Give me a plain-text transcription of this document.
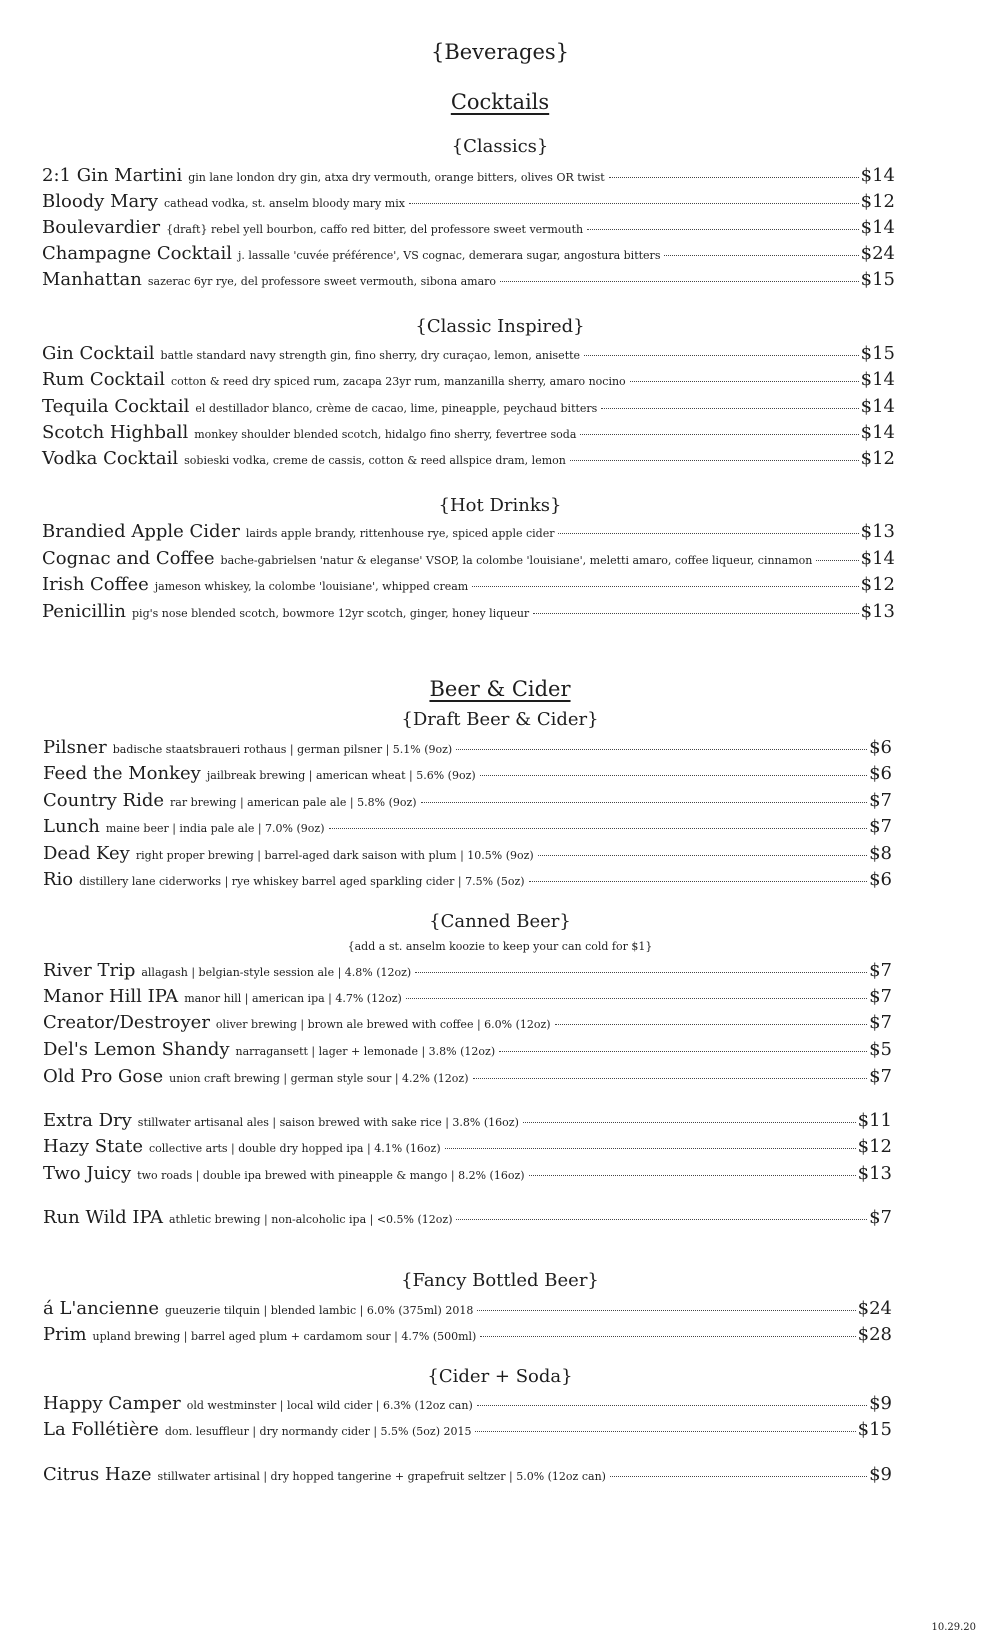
{Beverages}
Cocktails
{Classics}
{Classic Inspired}
{Hot Drinks}
Beer & Cider
{Draft Beer & Cider}
{Canned Beer}
{add a st. anselm koozie to keep your can cold for $1}
{Fancy Bottled Beer}
{Cider + Soda}
10.29.20
2:1 Gin Martini gin lane london dry gin, atxa dry vermouth, orange bitters, olives OR twist	$14
Bloody Mary cathead vodka, st. anselm bloody mary mix	$12
Boulevardier {draft} rebel yell bourbon, caffo red bitter, del professore sweet vermouth	$14
Champagne Cocktail j. lassalle 'cuvée préférence', VS cognac, demerara sugar, angostura bitters	$24
Manhattan sazerac 6yr rye, del professore sweet vermouth, sibona amaro	$15
Gin Cocktail battle standard navy strength gin, fino sherry, dry curaçao, lemon, anisette	$15
Rum Cocktail cotton & reed dry spiced rum, zacapa 23yr rum, manzanilla sherry, amaro nocino	$14
Tequila Cocktail el destillador blanco, crème de cacao, lime, pineapple, peychaud bitters	$14
Scotch Highball monkey shoulder blended scotch, hidalgo fino sherry, fevertree soda	$14
Vodka Cocktail sobieski vodka, creme de cassis, cotton & reed allspice dram, lemon	$12
Brandied Apple Cider lairds apple brandy, rittenhouse rye, spiced apple cider	$13
Cognac and Coffee bache-gabrielsen 'natur & eleganse' VSOP, la colombe 'louisiane', meletti amaro, coffee liqueur, cinnamon	$14
Irish Coffee jameson whiskey, la colombe 'louisiane', whipped cream	$12
Penicillin pig's nose blended scotch, bowmore 12yr scotch, ginger, honey liqueur	$13
Pilsner badische staatsbraueri rothaus | german pilsner | 5.1% (9oz)	$6
Feed the Monkey jailbreak brewing | american wheat | 5.6% (9oz)	$6
Country Ride rar brewing | american pale ale | 5.8% (9oz)	$7
Lunch maine beer | india pale ale | 7.0% (9oz)	$7
Dead Key right proper brewing | barrel-aged dark saison with plum | 10.5% (9oz)	$8
Rio distillery lane ciderworks | rye whiskey barrel aged sparkling cider | 7.5% (5oz)	$6
River Trip allagash | belgian-style session ale | 4.8% (12oz)	$7
Manor Hill IPA manor hill | american ipa | 4.7% (12oz)	$7
Creator/Destroyer oliver brewing | brown ale brewed with coffee | 6.0% (12oz)	$7
Del's Lemon Shandy narragansett | lager + lemonade | 3.8% (12oz)	$5
Old Pro Gose union craft brewing | german style sour | 4.2% (12oz)	$7
Extra Dry stillwater artisanal ales | saison brewed with sake rice | 3.8% (16oz)	$11
Hazy State collective arts | double dry hopped ipa | 4.1% (16oz)	$12
Two Juicy two roads | double ipa brewed with pineapple & mango | 8.2% (16oz)	$13
Run Wild IPA athletic brewing | non-alcoholic ipa | <0.5% (12oz)	$7
á L'ancienne gueuzerie tilquin | blended lambic | 6.0% (375ml) 2018	$24
Prim upland brewing | barrel aged plum + cardamom sour | 4.7% (500ml)	$28
Happy Camper old westminster | local wild cider | 6.3% (12oz can)	$9
La Follétière dom. lesuffleur | dry normandy cider | 5.5% (5oz) 2015	$15
Citrus Haze stillwater artisinal | dry hopped tangerine + grapefruit seltzer | 5.0% (12oz can)	$9
